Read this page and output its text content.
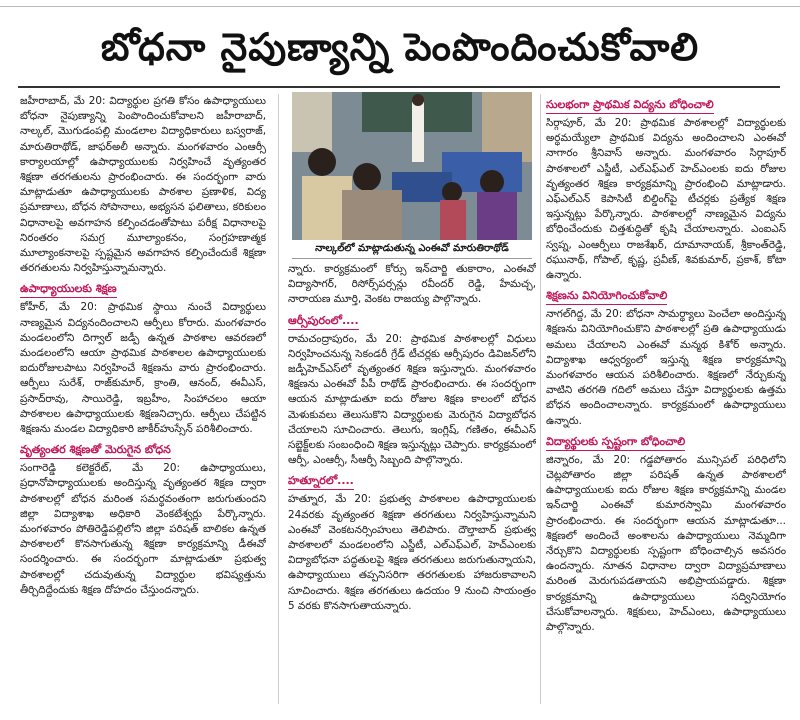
బోధనా నైపుణ్యాన్ని పెంపొందించుకోవాలి

జహీరాబాద్‌, మే 20: విద్యార్థుల ప్రగతి కోసం ఉపాధ్యాయులు బోధనా నైపుణ్యాన్ని పెంపొందించుకోవాలని జహీరాబాద్‌, నాల్కల్‌, మొగుడంపల్లి మండలాల విద్యాధికారులు బస్వరాజ్‌, మారుతిరాథోడ్‌, జాఫర్‌అలీ అన్నారు. మంగళవారం ఎంఆర్సీ కార్యాలయాల్లో ఉపాధ్యాయులకు నిర్వహించే వృత్యంతర శిక్షణా తరగతులను ప్రారంభించారు. ఈ సందర్భంగా వారు మాట్లాడుతూ ఉపాధ్యాయులకు పాఠశాల ప్రణాళిక, విద్య ప్రమాణాలు, బోధన సోపానాలు, అభ్యసన ఫలితాలు, కరికులం విధానాలపై అవగాహన కల్పించడంతోపాటు పరీక్ష విధానాలపై నిరంతరం సమగ్ర మూల్యాంకనం, సంగ్రహణాత్మక మూల్యాంకనాలపై స్పష్టమైన అవగాహన కల్పించేందుకే శిక్షణా తరగతులను నిర్వహిస్తున్నామన్నారు.

ఉపాధ్యాయులకు శిక్షణ

కోహీర్‌, మే 20: ప్రాథమిక స్థాయి నుంచే విద్యార్థులు నాణ్యమైన విద్యనందించాలని ఆర్పీలు కోరారు. మంగళవారం మండలంలోని దిగ్వాల్‌ జడ్పీ ఉన్నత పాఠశాల ఆవరణలో మండలంలోని ఆయా ప్రాథమిక పాఠశాలల ఉపాధ్యాయులకు ఐదురోజులపాటు నిర్వహించే శిక్షణను వారు ప్రారంభించారు. ఆర్పీలు సురేశ్‌, రాజ్‌కుమార్‌, క్రాంతి, ఆనంద్‌, ఈవీఎస్‌, ప్రసాద్‌రావు, సాయిరెడ్డి, ఇబ్రహీం, సింహాచలం ఆయా పాఠశాలల ఉపాధ్యాయులకు శిక్షణనిచ్చారు. ఆర్పీలు చేపట్టిన శిక్షణను మండల విద్యాధికారి జాకీర్‌హుస్సేన్‌ పరిశీలించారు.

వృత్యంతర శిక్షణతో మెరుగైన బోధన

సంగారెడ్డి కలెక్టరేట్‌, మే 20: ఉపాధ్యాయులు, ప్రధానోపాధ్యాయులకు అందిస్తున్న వృత్యంతర శిక్షణ ద్వారా పాఠశాలల్లో బోధన మరింత సమర్థవంతంగా జరుగుతుందని జిల్లా విద్యాశాఖ అధికారి వెంకటేశ్వర్లు పేర్కొన్నారు. మంగళవారం పోతిరెడ్డిపల్లిలోని జిల్లా పరిషత్‌ బాలికల ఉన్నత పాఠశాలలో కొనసాగుతున్న శిక్షణా కార్యక్రమాన్ని డీఈవో సందర్శించారు. ఈ సందర్భంగా మాట్లాడుతూ ప్రభుత్వ పాఠశాలల్లో చదువుతున్న విద్యార్థుల భవిష్యత్తును తీర్చిదిద్దేందుకు శిక్షణ దోహదం చేస్తుందన్నారు.

నాల్కల్‌లో మాట్లాడుతున్న ఎంఈవో మారుతిరాథోడ్

న్నారు. కార్యక్రమంలో కోర్సు ఇన్‌చార్జి తుకారాం, ఎంఈవో విద్యాసాగర్‌, రిసోర్స్‌పర్సన్లు రవీందర్‌ రెడ్డి, హేమచ్చ, నారాయణ మూర్తి, వెంకట రాజయ్య పాల్గొన్నారు.

ఆర్సీపురంలో....

రామచంద్రాపురం, మే 20: ప్రాథమిక పాఠశాలల్లో విధులు నిర్వహించనున్న సెకండరీ గ్రేడ్‌ టీచర్లకు ఆర్సీపురం డివిజన్‌లోని జడ్పీహెచ్‌ఎస్‌లో వృత్యంతర శిక్షణ ఇస్తున్నారు. మంగళవారం శిక్షణను ఎంఈవో పీపీ రాథోడ్‌ ప్రారంభించారు. ఈ సందర్భంగా ఆయన మాట్లాడుతూ ఐదు రోజుల శిక్షణ కాలంలో బోధన మెళుకువలు తెలుసుకొని విద్యార్థులకు మెరుగైన విద్యాబోధన చేయాలని సూచించారు. తెలుగు, ఇంగ్లిష్‌, గణితం, ఈవీఎస్‌ సబ్జెక్ట్‌లకు సంబంధించి శిక్షణ ఇస్తున్నట్లు చెప్పారు. కార్యక్రమంలో ఆర్పీ, ఎంఆర్సీ, సీఆర్పీ సిబ్బంది పాల్గొన్నారు.

హత్నూరలో....

హత్నూర, మే 20: ప్రభుత్వ పాఠశాలల ఉపాధ్యాయులకు 24వరకు వృత్యంతర శిక్షణా తరగతులు నిర్వహిస్తున్నామని ఎంఈవో వెంకటనర్సింహులు తెలిపారు. దౌల్తాబాద్‌ ప్రభుత్వ పాఠశాలలో మండలంలోని ఎస్జీటీ, ఎల్‌ఎఫ్‌ఎల్‌, హెచ్‌ఎంలకు విద్యాబోధనా పద్ధతులపై శిక్షణ తరగతులు జరుగుతున్నాయని, ఉపాధ్యాయులు తప్పనిసరిగా తరగతులకు హాజరుకావాలని సూచించారు. శిక్షణ తరగతులు ఉదయం 9 నుంచి సాయంత్రం 5 వరకు కొనసాగుతాయన్నారు.

సులభంగా ప్రాథమిక విద్యను బోధించాలి

సిర్గాపూర్‌, మే 20: ప్రాథమిక పాఠశాలల్లో విద్యార్థులకు అర్థమయ్యేలా ప్రాథమిక విద్యను అందించాలని ఎంఈవో నాగారం శ్రీనివాస్‌ అన్నారు. మంగళవారం సిర్గాపూర్‌ పాఠశాలలో ఎస్జీటీ, ఎల్‌ఎఫ్‌ఎల్‌ హెచ్‌ఎంలకు ఐదు రోజుల వృత్యంతర శిక్షణ కార్యక్రమాన్ని ప్రారంభించి మాట్లాడారు. ఎఫ్‌ఎల్‌ఎన్‌ కెపాసిటీ బిల్డింగ్‌పై టీచర్లకు ప్రత్యేక శిక్షణ ఇస్తున్నట్లు పేర్కొన్నారు. పాఠశాలల్లో నాణ్యమైన విద్యను బోధించేందుకు చిత్తశుద్ధితో కృషి చేయాలన్నారు. ఎంఐఎస్‌ స్వప్న, ఎంఆర్పీలు రాజశేఖర్‌, దూమానాయక్‌, శ్రీకాంత్‌రెడ్డి, రఘునాథ్‌, గోపాల్‌, కృష్ణ, ప్రవీణ్‌, శివకుమార్‌, ప్రకాశ్‌, కోటా ఉన్నారు.

శిక్షణను వినియోగించుకోవాలి

నాగల్‌గిద్ద, మే 20: బోధనా సామర్థ్యాలు పెంచేలా అందిస్తున్న శిక్షణను వినియోగించుకొని పాఠశాలల్లో ప్రతి ఉపాధ్యాయుడు అమలు చేయాలని ఎంఈవో మన్మథ కిశోర్‌ అన్నారు. విద్యాశాఖ ఆధ్వర్యంలో ఇస్తున్న శిక్షణ కార్యక్రమాన్ని మంగళవారం ఆయన పరిశీలించారు. శిక్షణలో నేర్చుకున్న వాటిని తరగతి గదిలో అమలు చేస్తూ విద్యార్థులకు ఉత్తమ బోధన అందించాలన్నారు. కార్యక్రమంలో ఉపాధ్యాయులు ఉన్నారు.

విద్యార్థులకు స్పష్టంగా బోధించాలి

జిన్నారం, మే 20: గడ్డపోతారం మున్సిపల్‌ పరిధిలోని చెట్లపోతారం జిల్లా పరిషత్‌ ఉన్నత పాఠశాలలో ఉపాధ్యాయులకు ఐదు రోజుల శిక్షణ కార్యక్రమాన్ని మండల ఇన్‌చార్జి ఎంఈవో కుమారస్వామి మంగళవారం ప్రారంభించారు. ఈ సందర్భంగా ఆయన మాట్లాడుతూ... శిక్షణలో అందించే అంశాలను ఉపాధ్యాయులు నెమ్మదిగా నేర్చుకొని విద్యార్థులకు స్పష్టంగా బోధించాల్సిన అవసరం ఉందన్నారు. నూతన విధానాల ద్వారా విద్యాప్రమాణాలు మరింత మెరుగుపడతాయని అభిప్రాయపడ్డారు. శిక్షణా కార్యక్రమాన్ని ఉపాధ్యాయులు సద్వినియోగం చేసుకోవాలన్నారు. శిక్షకులు, హెచ్‌ఎంలు, ఉపాధ్యాయులు పాల్గొన్నారు.
